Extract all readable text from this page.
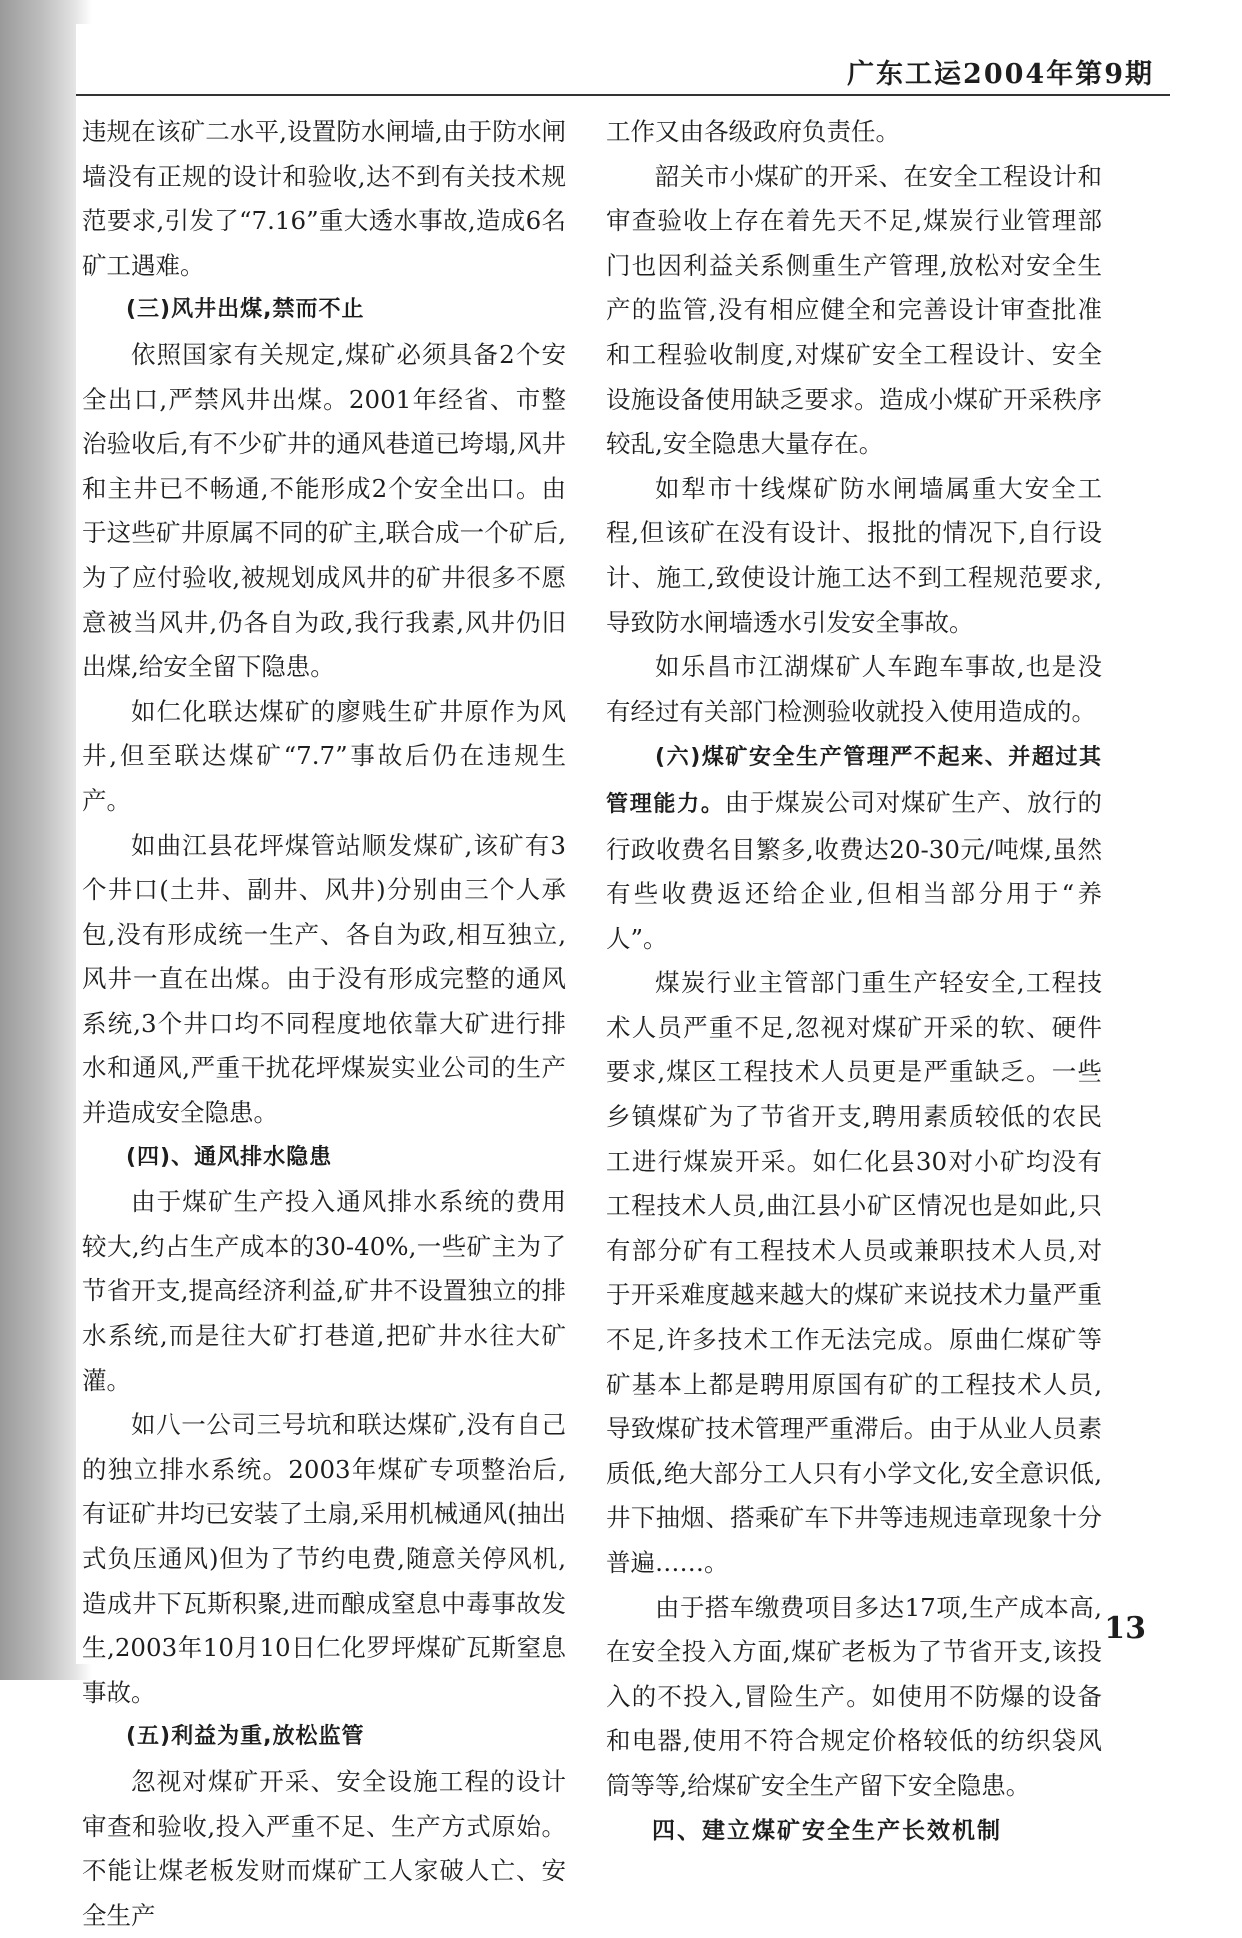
广东工运2004年第9期

违规在该矿二水平,设置防水闸墙,由于防水闸墙没有正规的设计和验收,达不到有关技术规范要求,引发了“7.16”重大透水事故,造成6名矿工遇难。

(三)风井出煤,禁而不止

依照国家有关规定,煤矿必须具备2个安全出口,严禁风井出煤。2001年经省、市整治验收后,有不少矿井的通风巷道已垮塌,风井和主井已不畅通,不能形成2个安全出口。由于这些矿井原属不同的矿主,联合成一个矿后,为了应付验收,被规划成风井的矿井很多不愿意被当风井,仍各自为政,我行我素,风井仍旧出煤,给安全留下隐患。

如仁化联达煤矿的廖贱生矿井原作为风井,但至联达煤矿“7.7”事故后仍在违规生产。

如曲江县花坪煤管站顺发煤矿,该矿有3个井口(土井、副井、风井)分别由三个人承包,没有形成统一生产、各自为政,相互独立,风井一直在出煤。由于没有形成完整的通风系统,3个井口均不同程度地依靠大矿进行排水和通风,严重干扰花坪煤炭实业公司的生产并造成安全隐患。

(四)、通风排水隐患

由于煤矿生产投入通风排水系统的费用较大,约占生产成本的30-40%,一些矿主为了节省开支,提高经济利益,矿井不设置独立的排水系统,而是往大矿打巷道,把矿井水往大矿灌。

如八一公司三号坑和联达煤矿,没有自己的独立排水系统。2003年煤矿专项整治后,有证矿井均已安装了土扇,采用机械通风(抽出式负压通风)但为了节约电费,随意关停风机,造成井下瓦斯积聚,进而酿成窒息中毒事故发生,2003年10月10日仁化罗坪煤矿瓦斯窒息事故。

(五)利益为重,放松监管

忽视对煤矿开采、安全设施工程的设计审查和验收,投入严重不足、生产方式原始。不能让煤老板发财而煤矿工人家破人亡、安全生产

工作又由各级政府负责任。

韶关市小煤矿的开采、在安全工程设计和审查验收上存在着先天不足,煤炭行业管理部门也因利益关系侧重生产管理,放松对安全生产的监管,没有相应健全和完善设计审查批准和工程验收制度,对煤矿安全工程设计、安全设施设备使用缺乏要求。造成小煤矿开采秩序较乱,安全隐患大量存在。

如犁市十线煤矿防水闸墙属重大安全工程,但该矿在没有设计、报批的情况下,自行设计、施工,致使设计施工达不到工程规范要求,导致防水闸墙透水引发安全事故。

如乐昌市江湖煤矿人车跑车事故,也是没有经过有关部门检测验收就投入使用造成的。

(六)煤矿安全生产管理严不起来、并超过其管理能力。由于煤炭公司对煤矿生产、放行的行政收费名目繁多,收费达20-30元/吨煤,虽然有些收费返还给企业,但相当部分用于“养人”。

煤炭行业主管部门重生产轻安全,工程技术人员严重不足,忽视对煤矿开采的软、硬件要求,煤区工程技术人员更是严重缺乏。一些乡镇煤矿为了节省开支,聘用素质较低的农民工进行煤炭开采。如仁化县30对小矿均没有工程技术人员,曲江县小矿区情况也是如此,只有部分矿有工程技术人员或兼职技术人员,对于开采难度越来越大的煤矿来说技术力量严重不足,许多技术工作无法完成。原曲仁煤矿等矿基本上都是聘用原国有矿的工程技术人员,导致煤矿技术管理严重滞后。由于从业人员素质低,绝大部分工人只有小学文化,安全意识低,井下抽烟、搭乘矿车下井等违规违章现象十分普遍……。

由于搭车缴费项目多达17项,生产成本高,在安全投入方面,煤矿老板为了节省开支,该投入的不投入,冒险生产。如使用不防爆的设备和电器,使用不符合规定价格较低的纺织袋风筒等等,给煤矿安全生产留下安全隐患。

四、建立煤矿安全生产长效机制

13
